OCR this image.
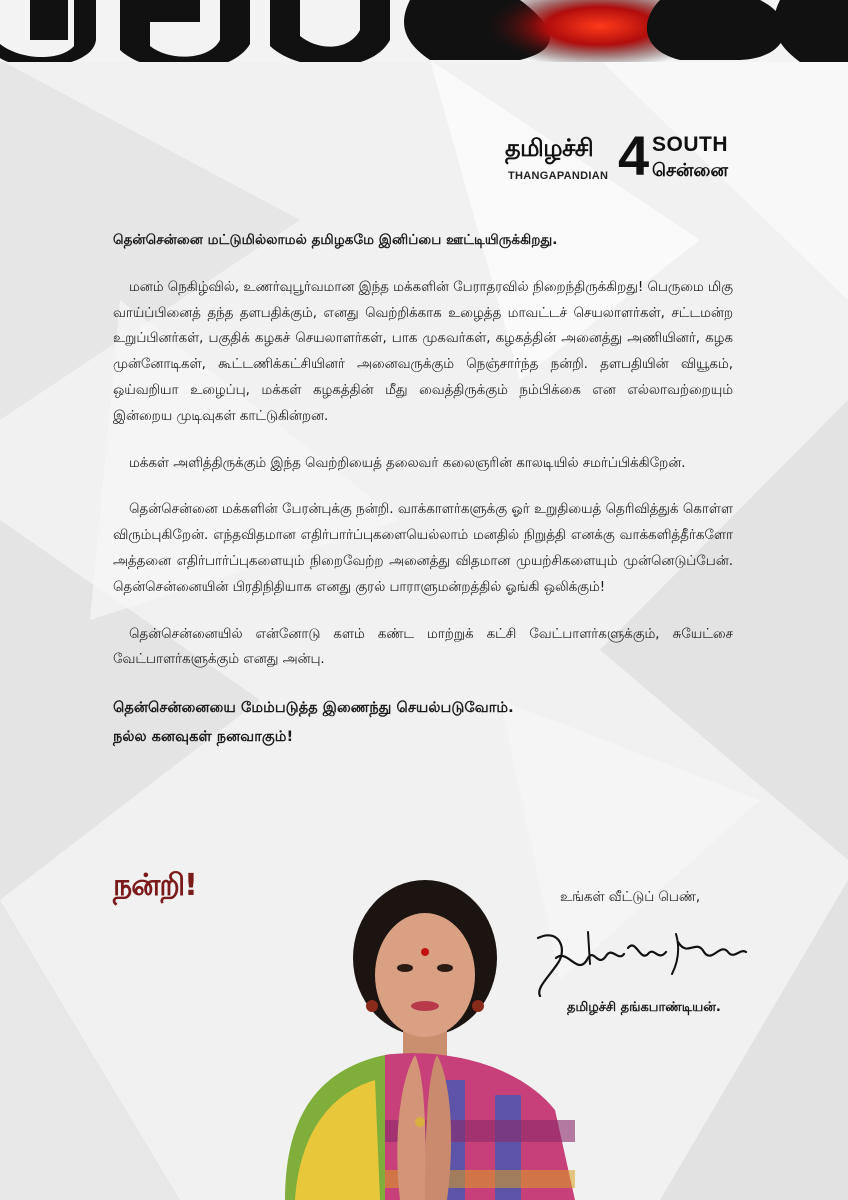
தமிழச்சி
THANGAPANDIAN 4 SOUTH
சென்னை

தென்சென்னை மட்டுமில்லாமல் தமிழகமே இனிப்பை ஊட்டியிருக்கிறது.

மனம் நெகிழ்வில், உணர்வுபூர்வமான இந்த மக்களின் பேராதரவில் நிறைந்திருக்கிறது! பெருமை மிகு வாய்ப்பினைத் தந்த தளபதிக்கும், எனது வெற்றிக்காக உழைத்த மாவட்டச் செயலாளர்கள், சட்டமன்ற உறுப்பினர்கள், பகுதிக் கழகச் செயலாளர்கள், பாக முகவர்கள், கழகத்தின் அனைத்து அணியினர், கழக முன்னோடிகள், கூட்டணிக்கட்சியினர் அனைவருக்கும் நெஞ்சார்ந்த நன்றி. தளபதியின் வியூகம், ஒய்வறியா உழைப்பு, மக்கள் கழகத்தின் மீது வைத்திருக்கும் நம்பிக்கை என எல்லாவற்றையும் இன்றைய முடிவுகள் காட்டுகின்றன.

மக்கள் அளித்திருக்கும் இந்த வெற்றியைத் தலைவர் கலைஞரின் காலடியில் சமர்ப்பிக்கிறேன்.

தென்சென்னை மக்களின் பேரன்புக்கு நன்றி. வாக்காளர்களுக்கு ஓர் உறுதியைத் தெரிவித்துக் கொள்ள விரும்புகிறேன். எந்தவிதமான எதிர்பார்ப்புகளையெல்லாம் மனதில் நிறுத்தி எனக்கு வாக்களித்தீர்களோ அத்தனை எதிர்பார்ப்புகளையும் நிறைவேற்ற அனைத்து விதமான முயற்சிகளையும் முன்னெடுப்பேன். தென்சென்னையின் பிரதிநிதியாக எனது குரல் பாராளுமன்றத்தில் ஓங்கி ஒலிக்கும்!

தென்சென்னையில் என்னோடு களம் கண்ட மாற்றுக் கட்சி வேட்பாளர்களுக்கும், சுயேட்சை வேட்பாளர்களுக்கும் எனது அன்பு.

தென்சென்னையை மேம்படுத்த இணைந்து செயல்படுவோம்.
நல்ல கனவுகள் நனவாகும்!
நன்றி!	உங்கள் வீட்டுப் பெண்,
தமிழச்சி தங்கபாண்டியன்.
